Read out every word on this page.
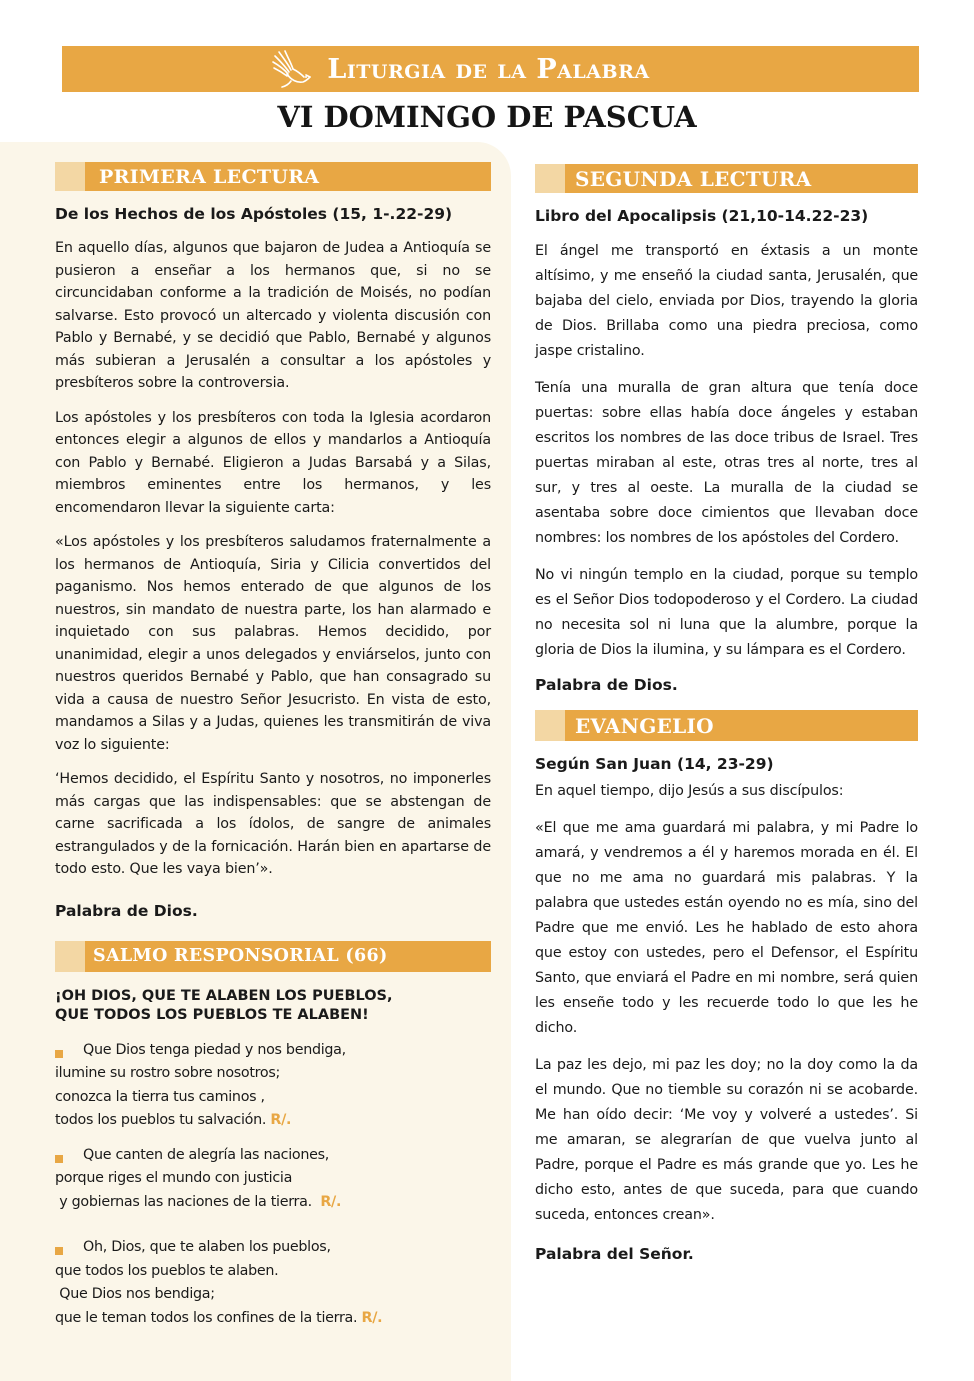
Liturgia de la Palabra
VI DOMINGO DE PASCUA
PRIMERA LECTURA
De los Hechos de los Apóstoles (15, 1-.22-29)

En aquello días, algunos que bajaron de Judea a Antioquía se pusieron a enseñar a los hermanos que, si no se circuncidaban conforme a la tradición de Moisés, no podían salvarse. Esto provocó un altercado y violenta discusión con Pablo y Bernabé, y se decidió que Pablo, Bernabé y algunos más subieran a Jerusalén a consultar a los apóstoles y presbíteros sobre la controversia.

Los apóstoles y los presbíteros con toda la Iglesia acordaron entonces elegir a algunos de ellos y mandarlos a Antioquía con Pablo y Bernabé. Eligieron a Judas Barsabá y a Silas, miembros eminentes entre los hermanos, y les encomendaron llevar la siguiente carta:

«Los apóstoles y los presbíteros saludamos fraternalmente a los hermanos de Antioquía, Siria y Cilicia convertidos del paganismo. Nos hemos enterado de que algunos de los nuestros, sin mandato de nuestra parte, los han alarmado e inquietado con sus palabras. Hemos decidido, por unanimidad, elegir a unos delegados y enviárselos, junto con nuestros queridos Bernabé y Pablo, que han consagrado su vida a causa de nuestro Señor Jesucristo. En vista de esto, mandamos a Silas y a Judas, quienes les transmitirán de viva voz lo siguiente:

‘Hemos decidido, el Espíritu Santo y nosotros, no imponerles más cargas que las indispensables: que se abstengan de carne sacrificada a los ídolos, de sangre de animales estrangulados y de la fornicación. Harán bien en apartarse de todo esto. Que les vaya bien’».

Palabra de Dios.
SALMO RESPONSORIAL (66)
¡OH DIOS, QUE TE ALABEN LOS PUEBLOS,
QUE TODOS LOS PUEBLOS TE ALABEN!
Que Dios tenga piedad y nos bendiga,
ilumine su rostro sobre nosotros;
conozca la tierra tus caminos ,
todos los pueblos tu salvación. R/.
Que canten de alegría las naciones,
porque riges el mundo con justicia
y gobiernas las naciones de la tierra. R/.
Oh, Dios, que te alaben los pueblos,
que todos los pueblos te alaben.
Que Dios nos bendiga;
que le teman todos los confines de la tierra. R/.
SEGUNDA LECTURA
Libro del Apocalipsis (21,10-14.22-23)

El ángel me transportó en éxtasis a un monte altísimo, y me enseñó la ciudad santa, Jerusalén, que bajaba del cielo, enviada por Dios, trayendo la gloria de Dios. Brillaba como una piedra preciosa, como jaspe cristalino.

Tenía una muralla de gran altura que tenía doce puertas: sobre ellas había doce ángeles y estaban escritos los nombres de las doce tribus de Israel. Tres puertas miraban al este, otras tres al norte, tres al sur, y tres al oeste. La muralla de la ciudad se asentaba sobre doce cimientos que llevaban doce nombres: los nombres de los apóstoles del Cordero.

No vi ningún templo en la ciudad, porque su templo es el Señor Dios todopoderoso y el Cordero. La ciudad no necesita sol ni luna que la alumbre, porque la gloria de Dios la ilumina, y su lámpara es el Cordero.

Palabra de Dios.
EVANGELIO
Según San Juan (14, 23-29)

En aquel tiempo, dijo Jesús a sus discípulos:

«El que me ama guardará mi palabra, y mi Padre lo amará, y vendremos a él y haremos morada en él. El que no me ama no guardará mis palabras. Y la palabra que ustedes están oyendo no es mía, sino del Padre que me envió. Les he hablado de esto ahora que estoy con ustedes, pero el Defensor, el Espíritu Santo, que enviará el Padre en mi nombre, será quien les enseñe todo y les recuerde todo lo que les he dicho.

La paz les dejo, mi paz les doy; no la doy como la da el mundo. Que no tiemble su corazón ni se acobarde. Me han oído decir: ‘Me voy y volveré a ustedes’. Si me amaran, se alegrarían de que vuelva junto al Padre, porque el Padre es más grande que yo. Les he dicho esto, antes de que suceda, para que cuando suceda, entonces crean».

Palabra del Señor.
